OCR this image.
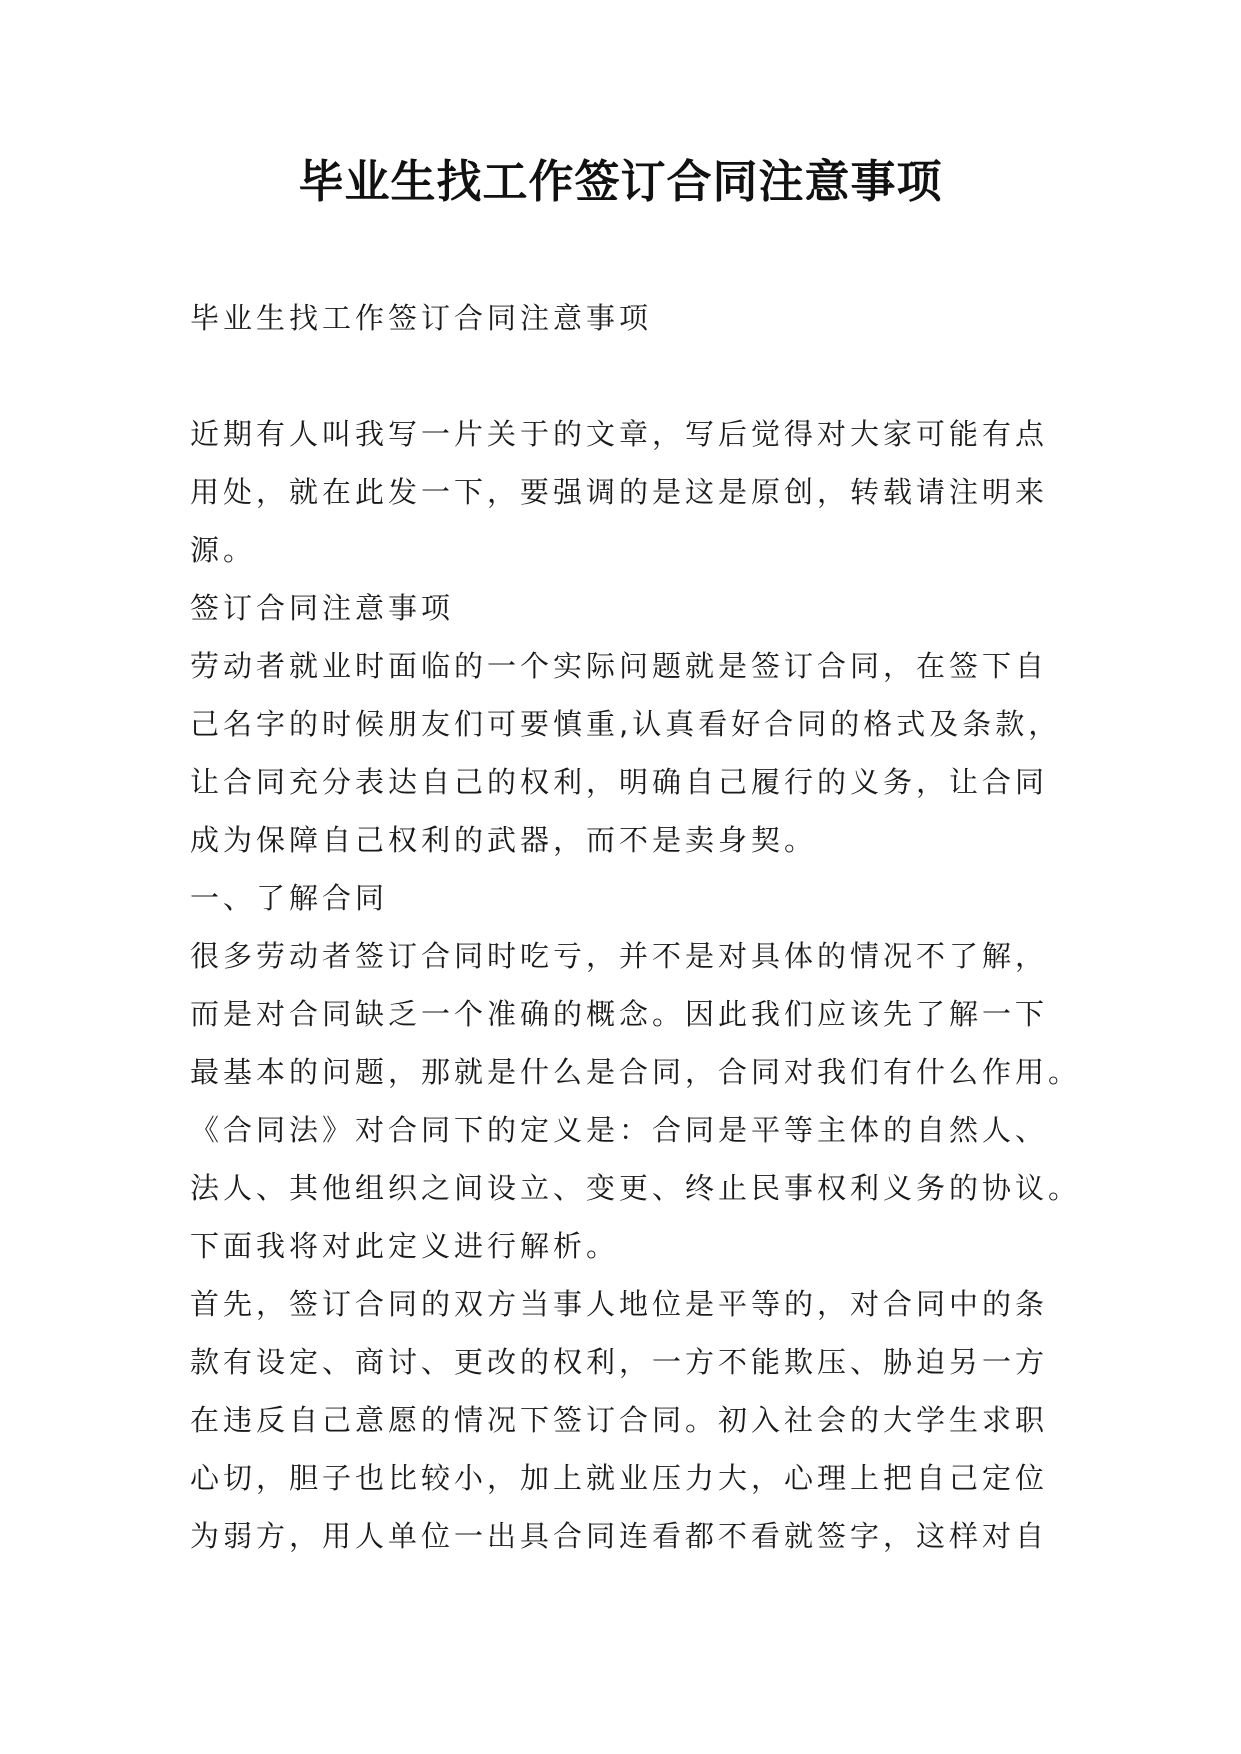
毕业生找工作签订合同注意事项
毕业生找工作签订合同注意事项
近期有人叫我写一片关于的文章，写后觉得对大家可能有点
用处，就在此发一下，要强调的是这是原创，转载请注明来
源。
签订合同注意事项
劳动者就业时面临的一个实际问题就是签订合同，在签下自
己名字的时候朋友们可要慎重,认真看好合同的格式及条款，
让合同充分表达自己的权利，明确自己履行的义务，让合同
成为保障自己权利的武器，而不是卖身契。
一、了解合同
很多劳动者签订合同时吃亏，并不是对具体的情况不了解，
而是对合同缺乏一个准确的概念。因此我们应该先了解一下
最基本的问题，那就是什么是合同，合同对我们有什么作用。
《合同法》对合同下的定义是：合同是平等主体的自然人、
法人、其他组织之间设立、变更、终止民事权利义务的协议。
下面我将对此定义进行解析。
首先，签订合同的双方当事人地位是平等的，对合同中的条
款有设定、商讨、更改的权利，一方不能欺压、胁迫另一方
在违反自己意愿的情况下签订合同。初入社会的大学生求职
心切，胆子也比较小，加上就业压力大，心理上把自己定位
为弱方，用人单位一出具合同连看都不看就签字，这样对自
